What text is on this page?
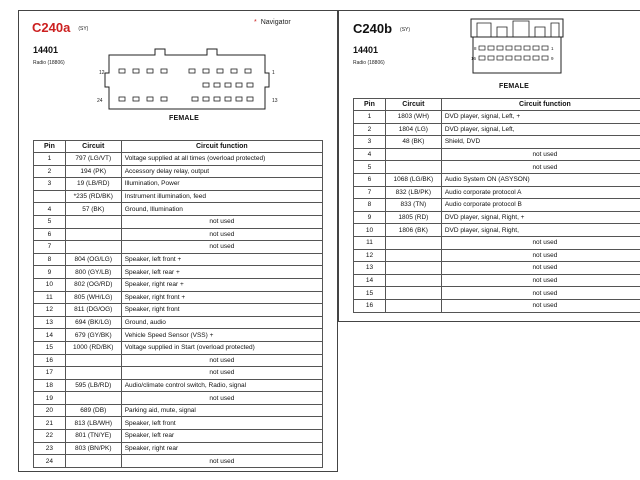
C240a (SY)
* Navigator
14401
Radio (18806)
12	1
24	13
FEMALE
Pin	Circuit	Circuit function
1	797 (LG/VT)	Voltage supplied at all times (overload protected)
2	194 (PK)	Accessory delay relay, output
3	19 (LB/RD)	Illumination, Power
	*235 (RD/BK)	Instrument illumination, feed
4	57 (BK)	Ground, Illumination
5		not used
6		not used
7		not used
8	804 (OG/LG)	Speaker, left front +
9	800 (GY/LB)	Speaker, left rear +
10	802 (OG/RD)	Speaker, right rear +
11	805 (WH/LG)	Speaker, right front +
12	811 (DG/OG)	Speaker, right front
13	694 (BK/LG)	Ground, audio
14	679 (GY/BK)	Vehicle Speed Sensor (VSS) +
15	1000 (RD/BK)	Voltage supplied in Start (overload protected)
16		not used
17		not used
18	595 (LB/RD)	Audio/climate control switch, Radio, signal
19		not used
20	689 (DB)	Parking aid, mute, signal
21	813 (LB/WH)	Speaker, left front
22	801 (TN/YE)	Speaker, left rear
23	803 (BN/PK)	Speaker, right rear
24		not used
C240b (SY)
14401
Radio (18806)
8	1
16	9
FEMALE
Pin	Circuit	Circuit function
1	1803 (WH)	DVD player, signal, Left, +
2	1804 (LG)	DVD player, signal, Left,
3	48 (BK)	Shield, DVD
4		not used
5		not used
6	1068 (LG/BK)	Audio System ON (ASYSON)
7	832 (LB/PK)	Audio corporate protocol A
8	833 (TN)	Audio corporate protocol B
9	1805 (RD)	DVD player, signal, Right, +
10	1806 (BK)	DVD player, signal, Right,
11		not used
12		not used
13		not used
14		not used
15		not used
16		not used
